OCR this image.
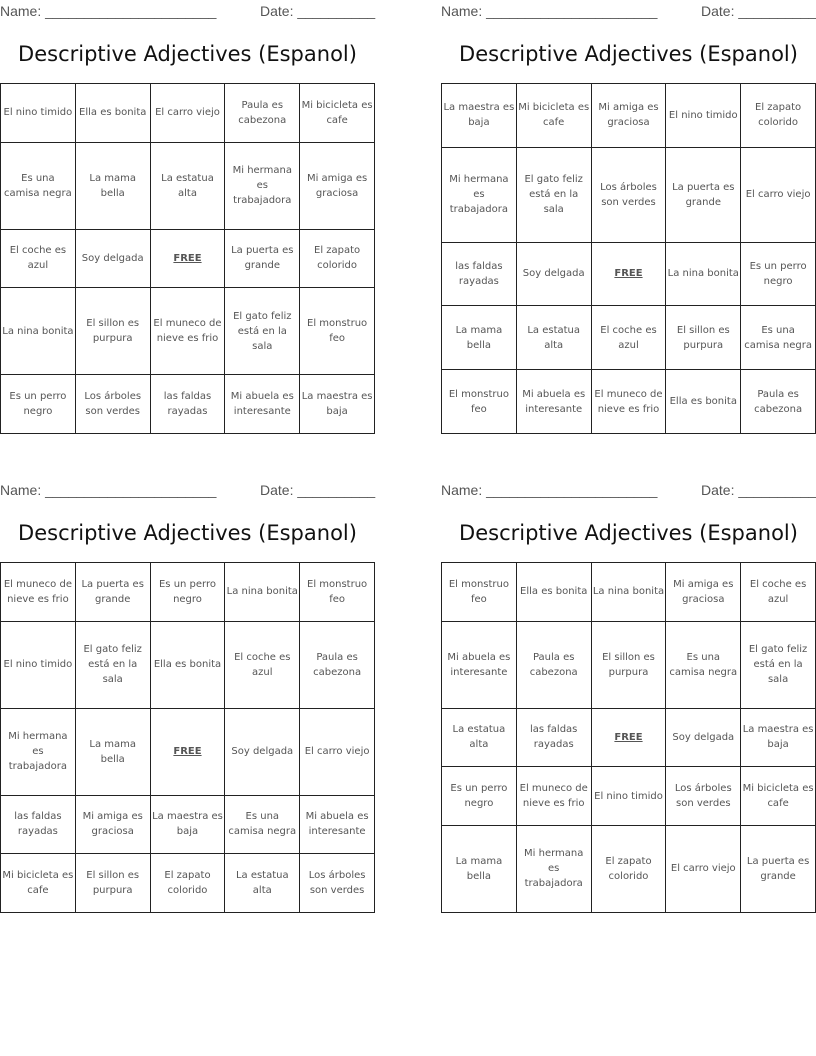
Name: ______________________	Date: __________
Descriptive Adjectives (Espanol)
El nino timido	Ella es bonita	El carro viejo	Paula es cabezona	Mi bicicleta es cafe
Es una camisa negra	La mama bella	La estatua alta	Mi hermana es trabajadora	Mi amiga es graciosa
El coche es azul	Soy delgada	FREE	La puerta es grande	El zapato colorido
La nina bonita	El sillon es purpura	El muneco de nieve es frio	El gato feliz está en la sala	El monstruo feo
Es un perro negro	Los árboles son verdes	las faldas rayadas	Mi abuela es interesante	La maestra es baja
Name: ______________________	Date: __________
Descriptive Adjectives (Espanol)
La maestra es baja	Mi bicicleta es cafe	Mi amiga es graciosa	El nino timido	El zapato colorido
Mi hermana es trabajadora	El gato feliz está en la sala	Los árboles son verdes	La puerta es grande	El carro viejo
las faldas rayadas	Soy delgada	FREE	La nina bonita	Es un perro negro
La mama bella	La estatua alta	El coche es azul	El sillon es purpura	Es una camisa negra
El monstruo feo	Mi abuela es interesante	El muneco de nieve es frio	Ella es bonita	Paula es cabezona
Name: ______________________	Date: __________
Descriptive Adjectives (Espanol)
El muneco de nieve es frio	La puerta es grande	Es un perro negro	La nina bonita	El monstruo feo
El nino timido	El gato feliz está en la sala	Ella es bonita	El coche es azul	Paula es cabezona
Mi hermana es trabajadora	La mama bella	FREE	Soy delgada	El carro viejo
las faldas rayadas	Mi amiga es graciosa	La maestra es baja	Es una camisa negra	Mi abuela es interesante
Mi bicicleta es cafe	El sillon es purpura	El zapato colorido	La estatua alta	Los árboles son verdes
Name: ______________________	Date: __________
Descriptive Adjectives (Espanol)
El monstruo feo	Ella es bonita	La nina bonita	Mi amiga es graciosa	El coche es azul
Mi abuela es interesante	Paula es cabezona	El sillon es purpura	Es una camisa negra	El gato feliz está en la sala
La estatua alta	las faldas rayadas	FREE	Soy delgada	La maestra es baja
Es un perro negro	El muneco de nieve es frio	El nino timido	Los árboles son verdes	Mi bicicleta es cafe
La mama bella	Mi hermana es trabajadora	El zapato colorido	El carro viejo	La puerta es grande
